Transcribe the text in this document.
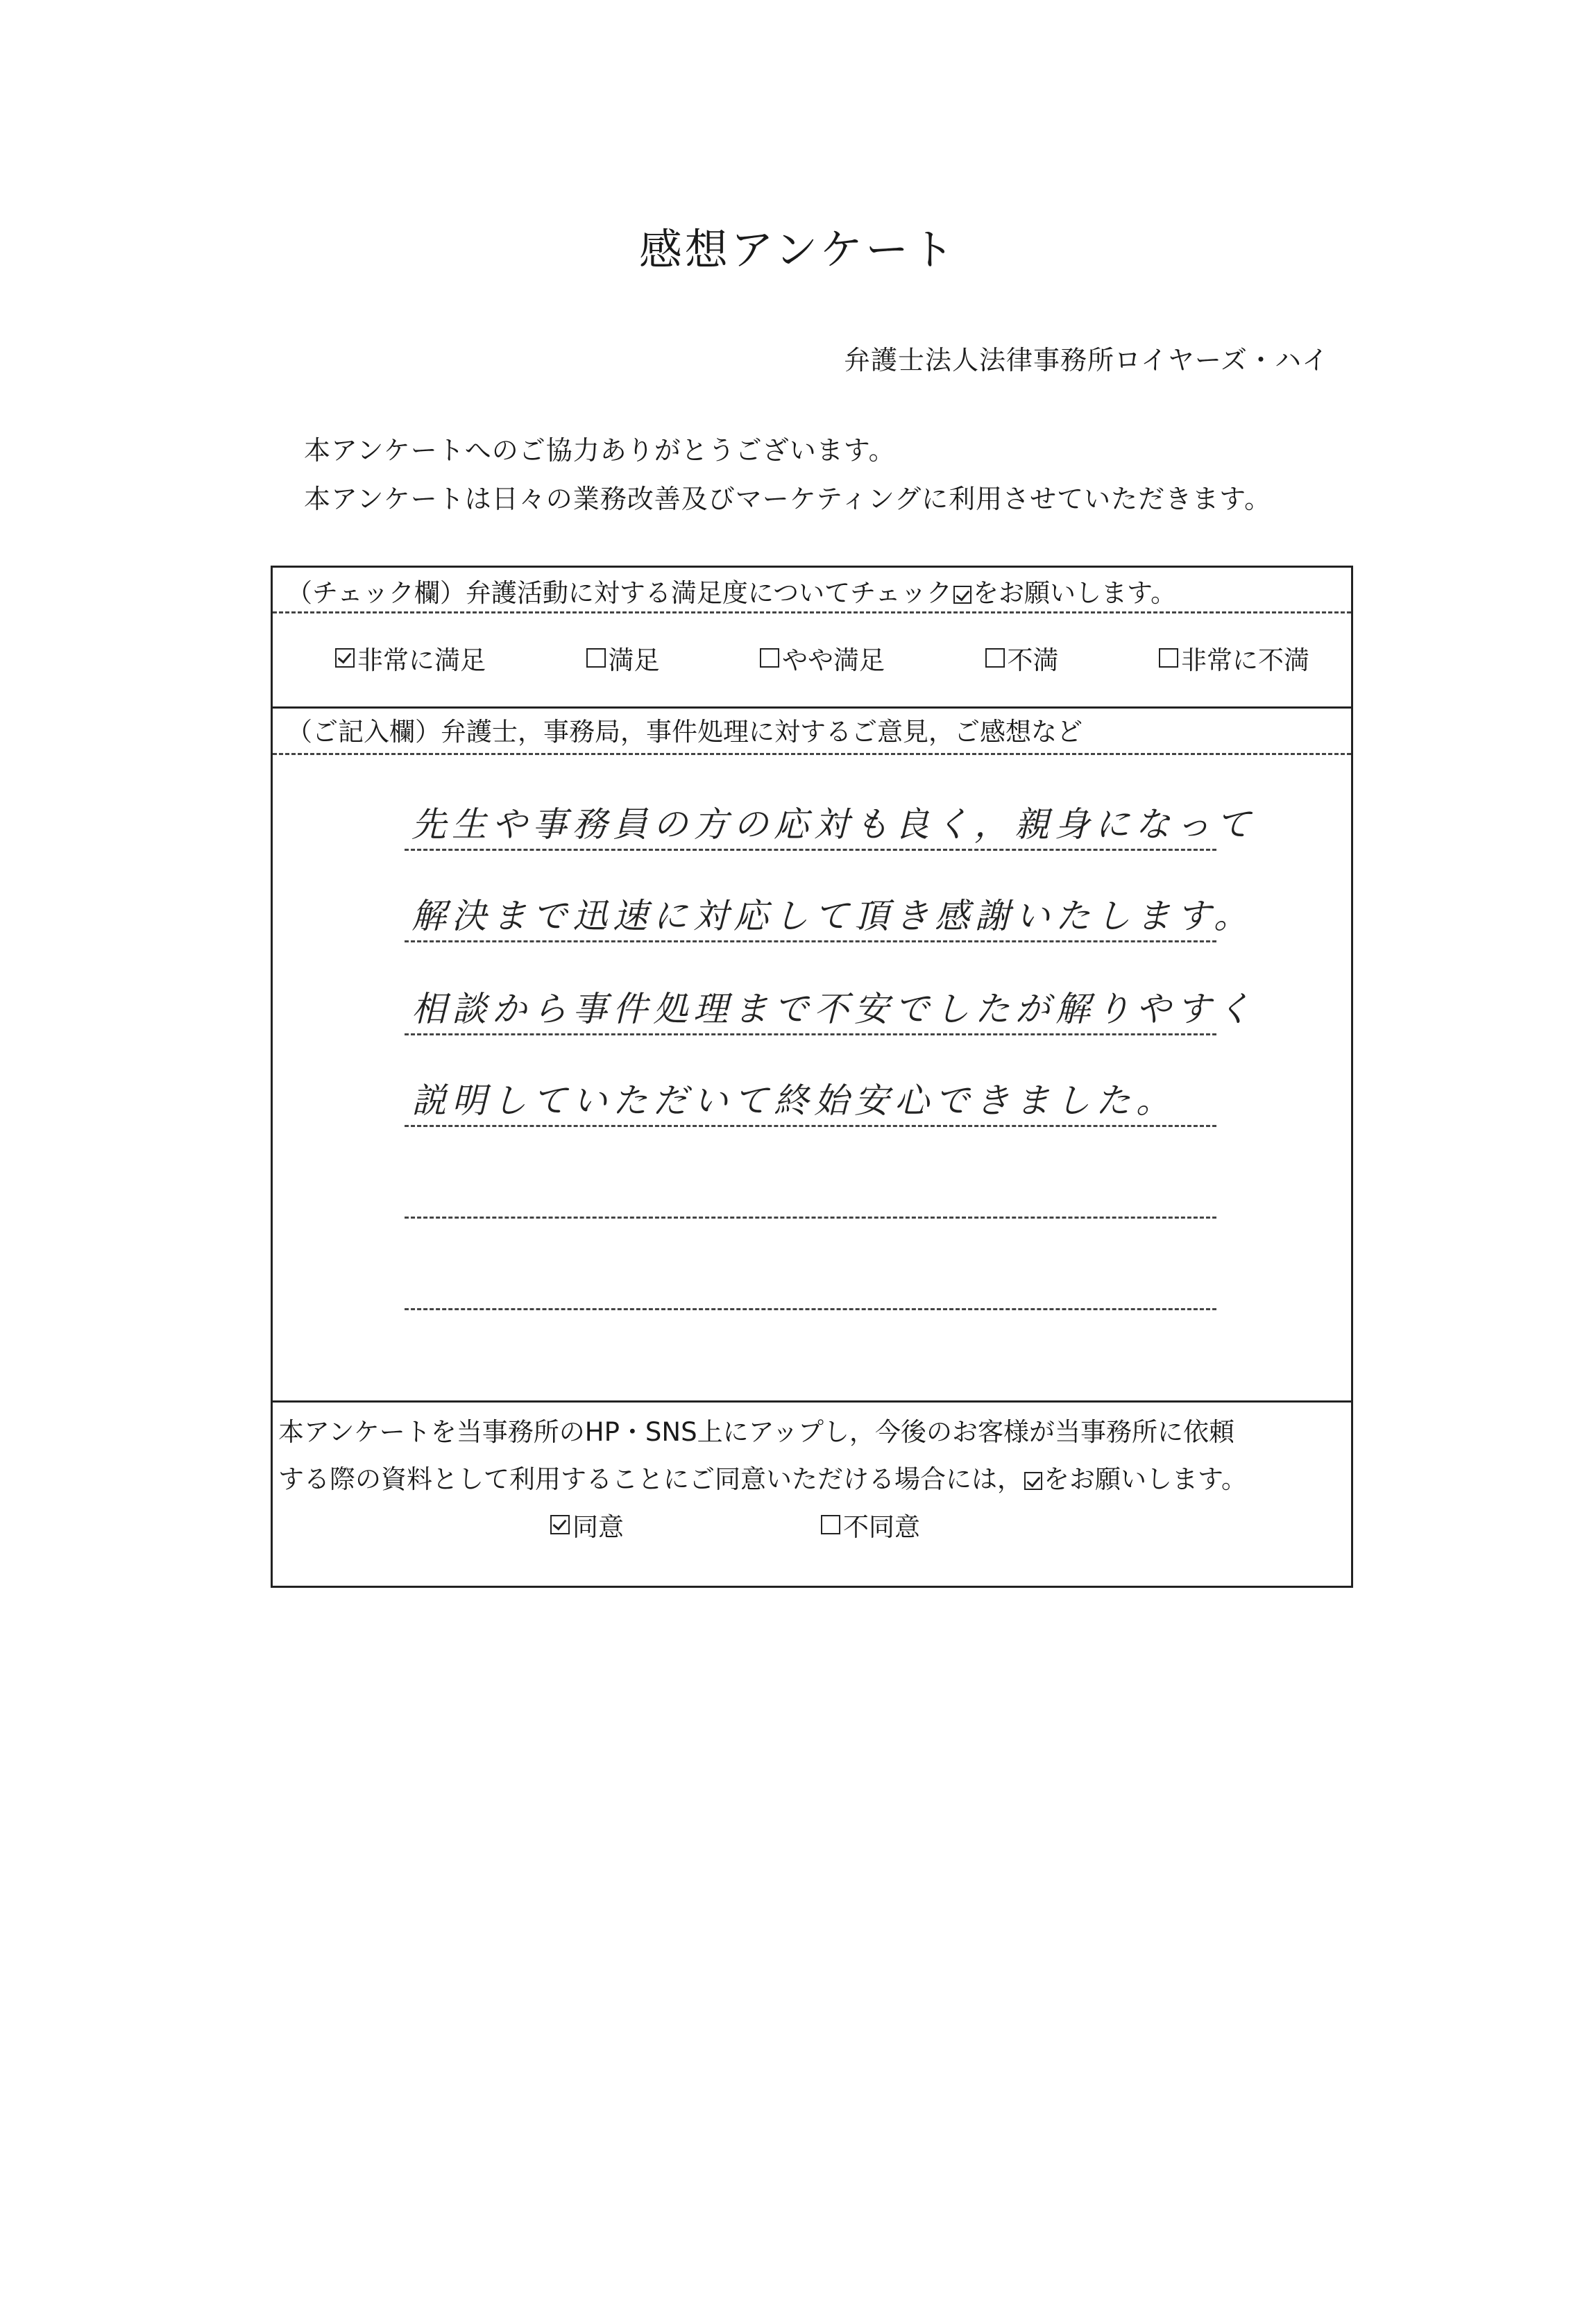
感想アンケート
弁護士法人法律事務所ロイヤーズ・ハイ
本アンケートへのご協力ありがとうございます。
本アンケートは日々の業務改善及びマーケティングに利用させていただきます。
（チェック欄）弁護活動に対する満足度についてチェック をお願いします。
非常に満足	満足	やや満足	不満	非常に不満
（ご記入欄）弁護士，事務局，事件処理に対するご意見，ご感想など
先生や事務員の方の応対も良く，親身になって
解決まで迅速に対応して頂き感謝いたします。
相談から事件処理まで不安でしたが解りやすく
説明していただいて終始安心できました。
本アンケートを当事務所のHP・SNS上にアップし，今後のお客様が当事務所に依頼
する際の資料として利用することにご同意いただける場合には， をお願いします。
同意	不同意
